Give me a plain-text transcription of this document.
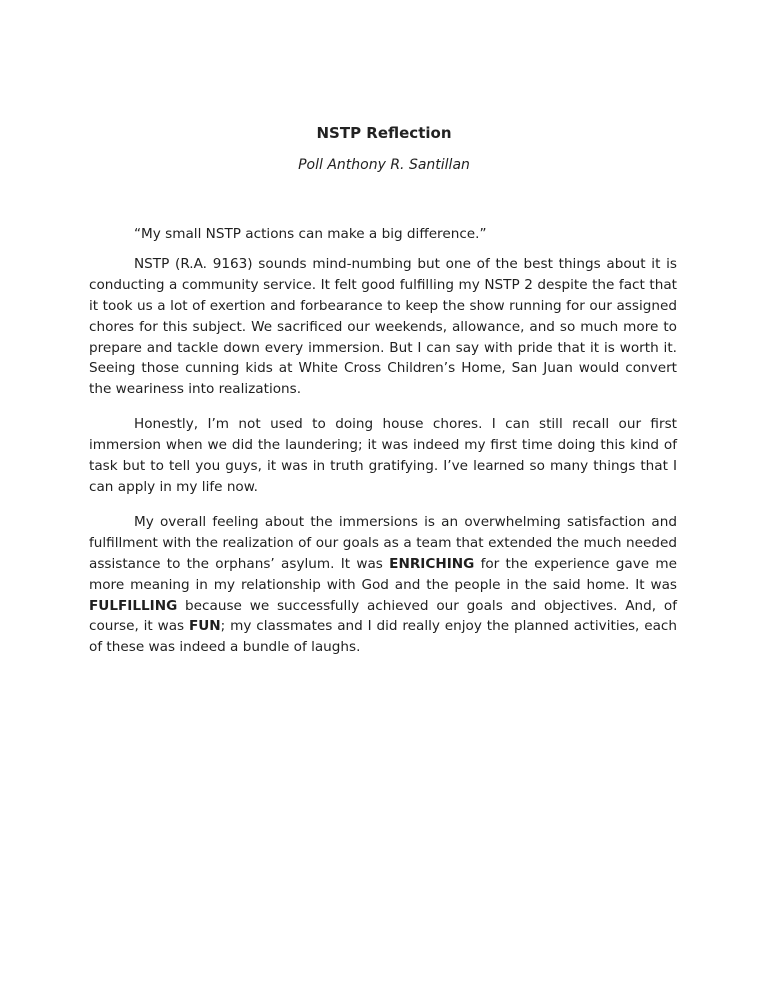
NSTP Reflection
Poll Anthony R. Santillan

“My small NSTP actions can make a big difference.”

NSTP (R.A. 9163) sounds mind-numbing but one of the best things about it is conducting a community service. It felt good fulfilling my NSTP 2 despite the fact that it took us a lot of exertion and forbearance to keep the show running for our assigned chores for this subject. We sacrificed our weekends, allowance, and so much more to prepare and tackle down every immersion. But I can say with pride that it is worth it. Seeing those cunning kids at White Cross Children’s Home, San Juan would convert the weariness into realizations.

Honestly, I’m not used to doing house chores. I can still recall our first immersion when we did the laundering; it was indeed my first time doing this kind of task but to tell you guys, it was in truth gratifying. I’ve learned so many things that I can apply in my life now.

My overall feeling about the immersions is an overwhelming satisfaction and fulfillment with the realization of our goals as a team that extended the much needed assistance to the orphans’ asylum. It was ENRICHING for the experience gave me more meaning in my relationship with God and the people in the said home. It was FULFILLING because we successfully achieved our goals and objectives. And, of course, it was FUN; my classmates and I did really enjoy the planned activities, each of these was indeed a bundle of laughs.
